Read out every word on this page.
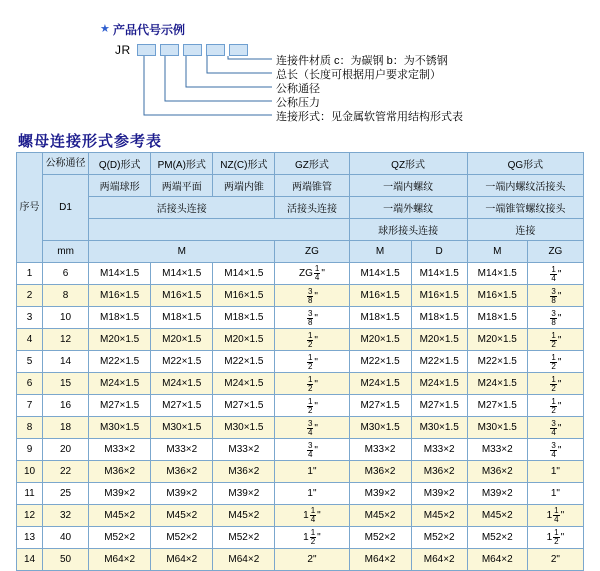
★ 产品代号示例
JR
连接件材质 c：为碳钢 b：为不锈钢
总长（长度可根据用户要求定制）
公称通径
公称压力
连接形式：见金属软管常用结构形式表
螺母连接形式参考表
序号	公称通径	Q(D)形式	PM(A)形式	NZ(C)形式	GZ形式	QZ形式		QG形式	
	D1	两端球形	两端平面	两端内锥	两端锥管	一端内螺纹		一端内螺纹活接头	
		活接头连接			活接头连接	一端外螺纹		一端锥管螺纹接头	
						球形接头连接		连接	
	mm	M			ZG	M	D	M	ZG
1	6	M14×1.5	M14×1.5	M14×1.5	ZG $\frac{1}{4}$ "	M14×1.5	M14×1.5	M14×1.5	$\frac{1}{4}$ "
2	8	M16×1.5	M16×1.5	M16×1.5	$\frac{3}{8}$ "	M16×1.5	M16×1.5	M16×1.5	$\frac{3}{8}$ "
3	10	M18×1.5	M18×1.5	M18×1.5	$\frac{3}{8}$ "	M18×1.5	M18×1.5	M18×1.5	$\frac{3}{8}$ "
4	12	M20×1.5	M20×1.5	M20×1.5	$\frac{1}{2}$ "	M20×1.5	M20×1.5	M20×1.5	$\frac{1}{2}$ "
5	14	M22×1.5	M22×1.5	M22×1.5	$\frac{1}{2}$ "	M22×1.5	M22×1.5	M22×1.5	$\frac{1}{2}$ "
6	15	M24×1.5	M24×1.5	M24×1.5	$\frac{1}{2}$ "	M24×1.5	M24×1.5	M24×1.5	$\frac{1}{2}$ "
7	16	M27×1.5	M27×1.5	M27×1.5	$\frac{1}{2}$ "	M27×1.5	M27×1.5	M27×1.5	$\frac{1}{2}$ "
8	18	M30×1.5	M30×1.5	M30×1.5	$\frac{3}{4}$ "	M30×1.5	M30×1.5	M30×1.5	$\frac{3}{4}$ "
9	20	M33×2	M33×2	M33×2	$\frac{3}{4}$ "	M33×2	M33×2	M33×2	$\frac{3}{4}$ "
10	22	M36×2	M36×2	M36×2	1"	M36×2	M36×2	M36×2	1"
11	25	M39×2	M39×2	M39×2	1"	M39×2	M39×2	M39×2	1"
12	32	M45×2	M45×2	M45×2	$1 \frac{1}{4}$ "	M45×2	M45×2	M45×2	$1 \frac{1}{4}$ "
13	40	M52×2	M52×2	M52×2	$1 \frac{1}{2}$ "	M52×2	M52×2	M52×2	$1 \frac{1}{2}$ "
14	50	M64×2	M64×2	M64×2	2"	M64×2	M64×2	M64×2	2"
